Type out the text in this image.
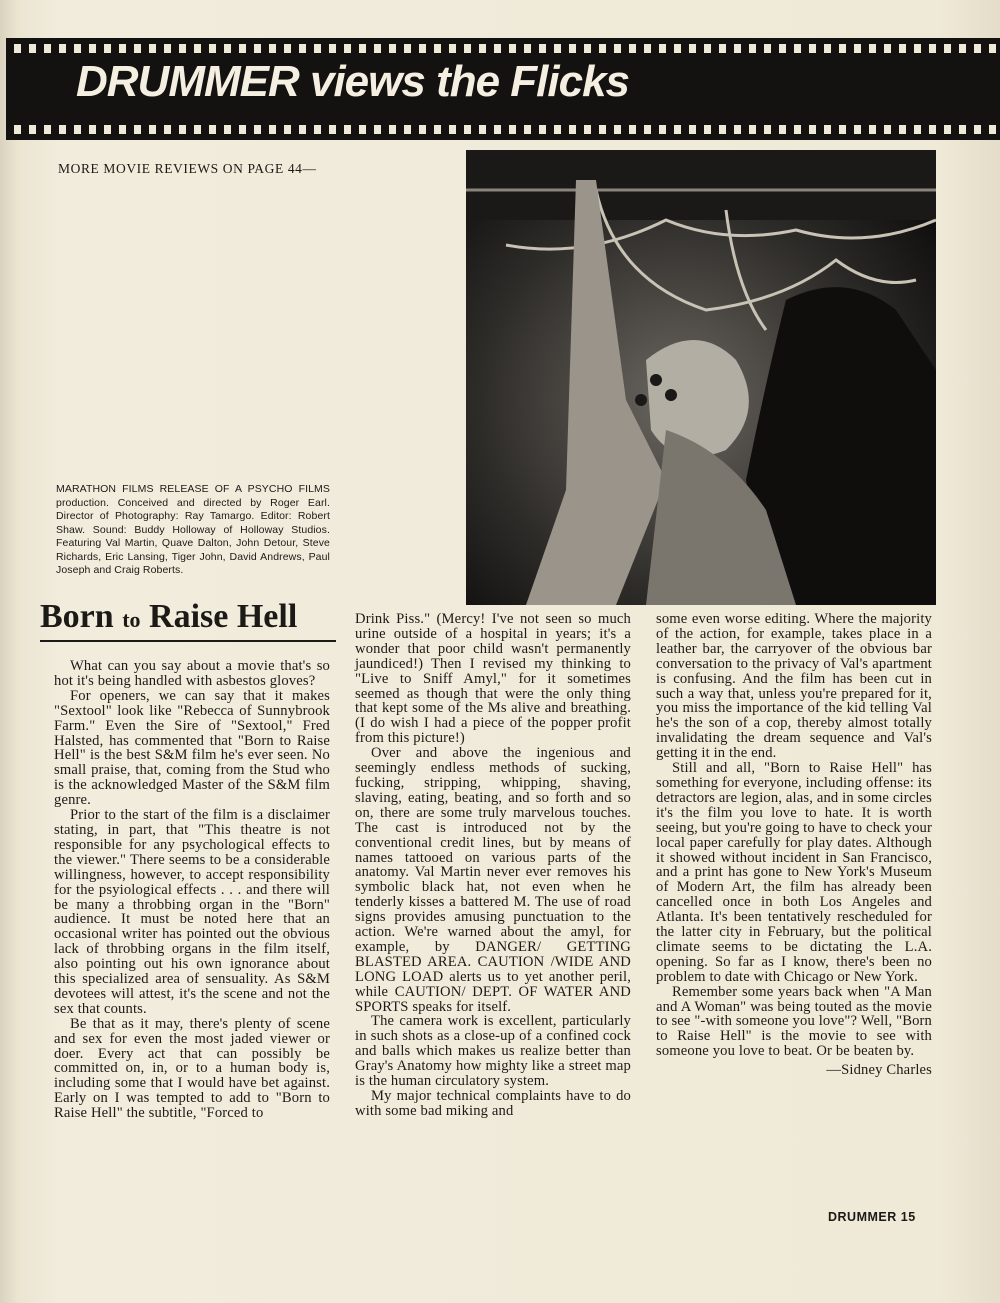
DRUMMER views the Flicks
MORE MOVIE REVIEWS ON PAGE 44—
MARATHON FILMS RELEASE OF A PSYCHO FILMS production. Conceived and directed by Roger Earl. Director of Photography: Ray Tamargo. Editor: Robert Shaw. Sound: Buddy Holloway of Holloway Studios. Featuring Val Martin, Quave Dalton, John Detour, Steve Richards, Eric Lansing, Tiger John, David Andrews, Paul Joseph and Craig Roberts.
Born to Raise Hell

What can you say about a movie that's so hot it's being handled with asbestos gloves?

For openers, we can say that it makes "Sextool" look like "Rebecca of Sunnybrook Farm." Even the Sire of "Sextool," Fred Halsted, has commented that "Born to Raise Hell" is the best S&M film he's ever seen. No small praise, that, coming from the Stud who is the acknowledged Master of the S&M film genre.

Prior to the start of the film is a disclaimer stating, in part, that "This theatre is not responsible for any psychological effects to the viewer." There seems to be a considerable willingness, however, to accept responsibility for the psyiological effects . . . and there will be many a throbbing organ in the "Born" audience. It must be noted here that an occasional writer has pointed out the obvious lack of throbbing organs in the film itself, also pointing out his own ignorance about this specialized area of sensuality. As S&M devotees will attest, it's the scene and not the sex that counts.

Be that as it may, there's plenty of scene and sex for even the most jaded viewer or doer. Every act that can possibly be committed on, in, or to a human body is, including some that I would have bet against. Early on I was tempted to add to "Born to Raise Hell" the subtitle, "Forced to

Drink Piss." (Mercy! I've not seen so much urine outside of a hospital in years; it's a wonder that poor child wasn't permanently jaundiced!) Then I revised my thinking to "Live to Sniff Amyl," for it sometimes seemed as though that were the only thing that kept some of the Ms alive and breathing. (I do wish I had a piece of the popper profit from this picture!)

Over and above the ingenious and seemingly endless methods of sucking, fucking, stripping, whipping, shaving, slaving, eating, beating, and so forth and so on, there are some truly marvelous touches. The cast is introduced not by the conventional credit lines, but by means of names tattooed on various parts of the anatomy. Val Martin never ever removes his symbolic black hat, not even when he tenderly kisses a battered M. The use of road signs provides amusing punctuation to the action. We're warned about the amyl, for example, by DANGER/ GETTING BLASTED AREA. CAUTION /WIDE AND LONG LOAD alerts us to yet another peril, while CAUTION/ DEPT. OF WATER AND SPORTS speaks for itself.

The camera work is excellent, particularly in such shots as a close-up of a confined cock and balls which makes us realize better than Gray's Anatomy how mighty like a street map is the human circulatory system.

My major technical complaints have to do with some bad miking and

some even worse editing. Where the majority of the action, for example, takes place in a leather bar, the carryover of the obvious bar conversation to the privacy of Val's apartment is confusing. And the film has been cut in such a way that, unless you're prepared for it, you miss the importance of the kid telling Val he's the son of a cop, thereby almost totally invalidating the dream sequence and Val's getting it in the end.

Still and all, "Born to Raise Hell" has something for everyone, including offense: its detractors are legion, alas, and in some circles it's the film you love to hate. It is worth seeing, but you're going to have to check your local paper carefully for play dates. Although it showed without incident in San Francisco, and a print has gone to New York's Museum of Modern Art, the film has already been cancelled once in both Los Angeles and Atlanta. It's been tentatively rescheduled for the latter city in February, but the political climate seems to be dictating the L.A. opening. So far as I know, there's been no problem to date with Chicago or New York.

Remember some years back when "A Man and A Woman" was being touted as the movie to see "-with someone you love"? Well, "Born to Raise Hell" is the movie to see with someone you love to beat. Or be beaten by.

—Sidney Charles

DRUMMER 15
